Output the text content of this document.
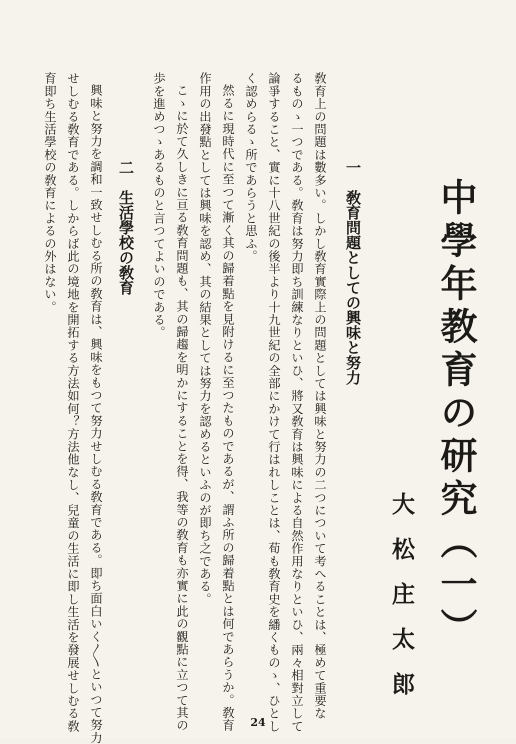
中學年教育の研究（一）
大松庄太郎
一　敎育問題としての興味と努力
敎育上の問題は數多い。しかし敎育實際上の問題としては興味と努力の二つについて考へることは、極めて重要な
るものゝ一つである。敎育は努力即ち訓練なりといひ、將又敎育は興味による自然作用なりといひ、兩々相對立して
論爭すること、實に十八世紀の後半より十九世紀の全部にかけて行はれしことは、荀も敎育史を繙くものゝ、ひとし
く認めらるゝ所であらうと思ふ。
然るに現時代に至つて漸く其の歸着點を見附けるに至つたものであるが、謂ふ所の歸着點とは何であらうか。敎育
作用の出發點としては興味を認め、其の結果としては努力を認めるといふのが即ち之である。
こゝに於て久しきに亘る敎育問題も、其の歸趨を明かにすることを得、我等の敎育も亦實に此の觀點に立つて其の
歩を進めつゝあるものと言つてよいのである。
二　生活學校の敎育
興味と努力を調和一致せしむる所の敎育は、興味をもつて努力せしむる敎育である。即ち面白いく〳〵といつて努力
せしむる敎育である。しからば此の境地を開拓する方法如何？方法他なし、兒童の生活に即し生活を發展せしむる敎
育即ち生活學校の敎育によるの外はない。
24
